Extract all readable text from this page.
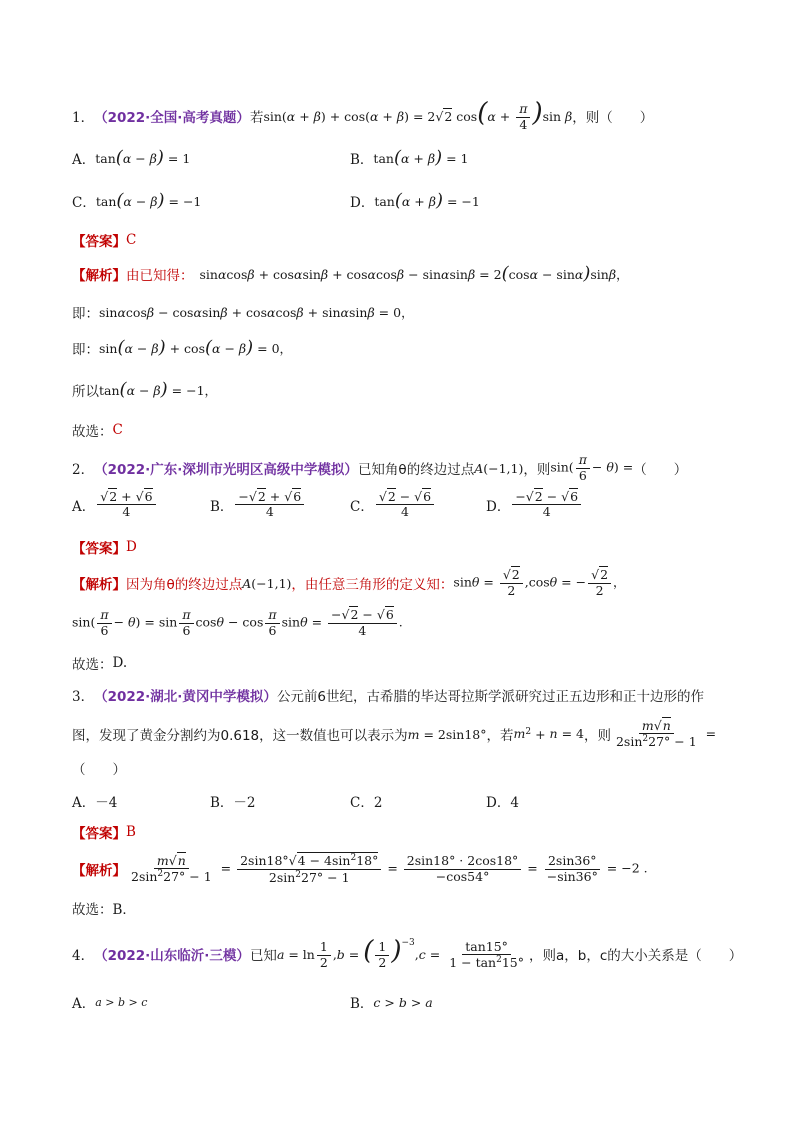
1． （2022·全国·高考真题） 若 sin(α + β) + cos(α + β) = 2√2 $\cos(\alpha + \frac{\pi}{4} )\sin$ β ，则（　　）
A． tan(α − β) = 1	B． tan(α + β) = 1
C． tan(α − β) = −1	D． tan(α + β) = −1
【答案】 C
【解析】 由已知得： sinαcosβ + cosαsinβ + cosαcosβ − sinαsinβ = 2(cosα − sinα)sinβ，
即： sinαcosβ − cosαsinβ + cosαcosβ + sinαsinβ = 0，
即： sin(α − β) + cos(α − β) = 0，
所以 tan(α − β) = −1，
故选： C
2． （2022·广东·深圳市光明区高级中学模拟） 已知角θ的终边过点 A(−1,1) ，则 $\sin( \frac{\pi}{6} - \theta)$ = （　　）
A． $\frac{√2 + √6}{4}$	B． $\frac{-√2 + √6}{4}$	C． $\frac{√2 - √6}{4}$	D． $\frac{-√2 - √6}{4}$
【答案】 D
【解析】 因为角θ的终边过点 A(−1,1) ，由任意三角形的定义知： $\sin\theta = \frac{√2}{2} ,\cos\theta$ = − $\frac{√2}{2}$ ，
$\sin( \frac{\pi}{6} - \theta) = \sin \frac{\pi}{6}$ $\cos\theta - \cos \frac{\pi}{6}$ $\sin\theta = \frac{-√2 - √6}{4}$ .
故选： D.
3． （2022·湖北·黄冈中学模拟） 公元前6世纪，古希腊的毕达哥拉斯学派研究过正五边形和正十边形的作
图，发现了黄金分割约为0.618，这一数值也可以表示为 m = 2sin18° ，若 $m^2 + n = 4$ ，则 $\frac{m√n}{2\sin^227^\circ - 1}$ =
（　　）
A．－4	B．－2	C．2	D．4
【答案】 B
【解析】 $\frac{m√n}{2\sin^227^\circ - 1} = \frac{2\sin 18^\circ√4 - 4\sin^218^\circ}{2\sin^227^\circ - 1} = \frac{2\sin 18^\circ \cdot 2\cos 18^\circ}{-\cos 54^\circ} = \frac{2\sin 36^\circ}{-\sin 36^\circ} = -2$ .
故选： B．
4． （2022·山东临沂·三模） 已知 $a = \ln \frac{1}{2} ,b$ = ( $\frac{1}{2} )^{-3},c = \frac{\tan 15^\circ}{1 - \tan^215^\circ}$ ，则a，b，c的大小关系是（　　）
A． a > b > c	B． c > b > a
